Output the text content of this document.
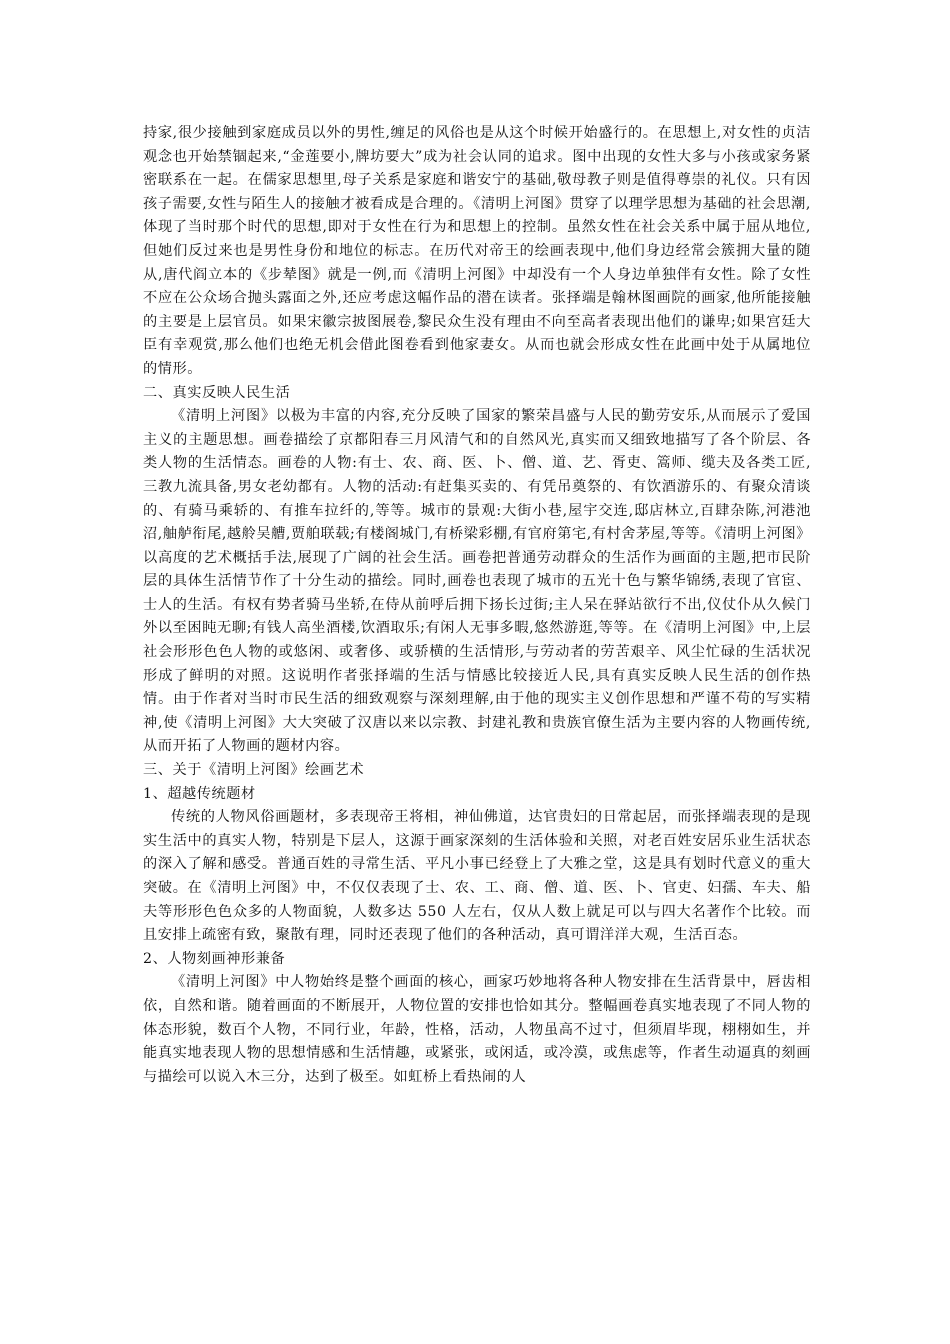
持家,很少接触到家庭成员以外的男性,缠足的风俗也是从这个时候开始盛行的。在思想上,对女性的贞洁观念也开始禁锢起来,“金莲要小,牌坊要大”成为社会认同的追求。图中出现的女性大多与小孩或家务紧密联系在一起。在儒家思想里,母子关系是家庭和谐安宁的基础,敬母教子则是值得尊崇的礼仪。只有因孩子需要,女性与陌生人的接触才被看成是合理的。《清明上河图》贯穿了以理学思想为基础的社会思潮,体现了当时那个时代的思想,即对于女性在行为和思想上的控制。虽然女性在社会关系中属于屈从地位,但她们反过来也是男性身份和地位的标志。在历代对帝王的绘画表现中,他们身边经常会簇拥大量的随从,唐代阎立本的《步辇图》就是一例,而《清明上河图》中却没有一个人身边单独伴有女性。除了女性不应在公众场合抛头露面之外,还应考虑这幅作品的潜在读者。张择端是翰林图画院的画家,他所能接触的主要是上层官员。如果宋徽宗披图展卷,黎民众生没有理由不向至高者表现出他们的谦卑;如果宫廷大臣有幸观赏,那么他们也绝无机会借此图卷看到他家妻女。从而也就会形成女性在此画中处于从属地位的情形。

二、真实反映人民生活

《清明上河图》以极为丰富的内容,充分反映了国家的繁荣昌盛与人民的勤劳安乐,从而展示了爱国主义的主题思想。画卷描绘了京都阳春三月风清气和的自然风光,真实而又细致地描写了各个阶层、各类人物的生活情态。画卷的人物:有士、农、商、医、卜、僧、道、艺、胥吏、篙师、缆夫及各类工匠,三教九流具备,男女老幼都有。人物的活动:有赶集买卖的、有凭吊奠祭的、有饮酒游乐的、有聚众清谈的、有骑马乘轿的、有推车拉纤的,等等。城市的景观:大街小巷,屋宇交连,邸店林立,百肆杂陈,河港池沼,舳舻衔尾,越舲吴艚,贾舶联载;有楼阁城门,有桥梁彩棚,有官府第宅,有村舍茅屋,等等。《清明上河图》以高度的艺术概括手法,展现了广阔的社会生活。画卷把普通劳动群众的生活作为画面的主题,把市民阶层的具体生活情节作了十分生动的描绘。同时,画卷也表现了城市的五光十色与繁华锦绣,表现了官宦、士人的生活。有权有势者骑马坐轿,在侍从前呼后拥下扬长过街;主人呆在驿站欲行不出,仪仗仆从久候门外以至困盹无聊;有钱人高坐酒楼,饮酒取乐;有闲人无事多暇,悠然游逛,等等。在《清明上河图》中,上层社会形形色色人物的或悠闲、或奢侈、或骄横的生活情形,与劳动者的劳苦艰辛、风尘忙碌的生活状况形成了鲜明的对照。这说明作者张择端的生活与情感比较接近人民,具有真实反映人民生活的创作热情。由于作者对当时市民生活的细致观察与深刻理解,由于他的现实主义创作思想和严谨不苟的写实精神,使《清明上河图》大大突破了汉唐以来以宗教、封建礼教和贵族官僚生活为主要内容的人物画传统,从而开拓了人物画的题材内容。

三、关于《清明上河图》绘画艺术

1、超越传统题材

传统的人物风俗画题材，多表现帝王将相，神仙佛道，达官贵妇的日常起居，而张择端表现的是现实生活中的真实人物，特别是下层人，这源于画家深刻的生活体验和关照，对老百姓安居乐业生活状态的深入了解和感受。普通百姓的寻常生活、平凡小事已经登上了大雅之堂，这是具有划时代意义的重大突破。在《清明上河图》中，不仅仅表现了士、农、工、商、僧、道、医、卜、官吏、妇孺、车夫、船夫等形形色色众多的人物面貌，人数多达 550 人左右，仅从人数上就足可以与四大名著作个比较。而且安排上疏密有致，聚散有理，同时还表现了他们的各种活动，真可谓洋洋大观，生活百态。

2、人物刻画神形兼备

《清明上河图》中人物始终是整个画面的核心，画家巧妙地将各种人物安排在生活背景中，唇齿相依，自然和谐。随着画面的不断展开，人物位置的安排也恰如其分。整幅画卷真实地表现了不同人物的体态形貌，数百个人物，不同行业，年龄，性格，活动，人物虽高不过寸，但须眉毕现，栩栩如生，并能真实地表现人物的思想情感和生活情趣，或紧张，或闲适，或冷漠，或焦虑等，作者生动逼真的刻画与描绘可以说入木三分，达到了极至。如虹桥上看热闹的人
